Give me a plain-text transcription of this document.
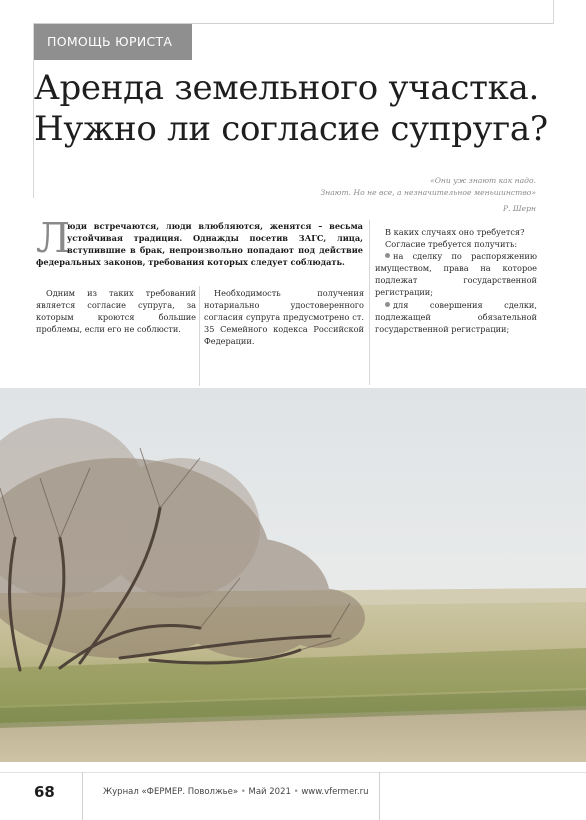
ПОМОЩЬ ЮРИСТА
Аренда земельного участка.
Нужно ли согласие супруга?
«Они уж знают как надо.
Знают. Но не все, а незначительное меньшинство»
Р. Шерн
Л
юди встречаются, люди влюбляются, женятся – весьма устойчивая традиция. Однажды посетив ЗАГС, лица, вступившие в брак, непроизвольно попадают под действие федеральных законов, требования которых следует соблюдать.

Одним из таких требований является согласие супруга, за которым кроются большие проблемы, если его не соблюсти.

Необходимость получения нотариально удостоверенного согласия супруга предусмотрено ст. 35 Семейного кодекса Российской Федерации.

В каких случаях оно требуется?

Согласие требуется получить:

на сделку по распоряжению имуществом, права на которое подлежат государственной регистрации;

для совершения сделки, подлежащей обязательной государственной регистрации;

68	Журнал «ФЕРМЕР. Поволжье» • Май 2021 • www.vfermer.ru
